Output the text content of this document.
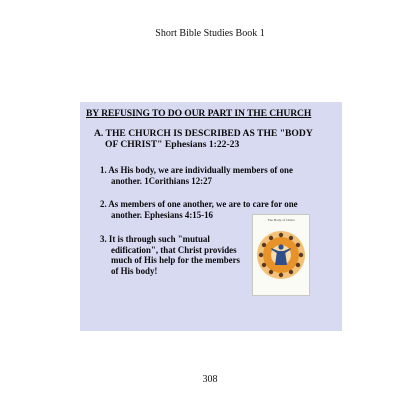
Short Bible Studies Book 1
BY REFUSING TO DO OUR PART IN THE CHURCH
A. THE CHURCH IS DESCRIBED AS THE "BODY
OF CHRIST" Ephesians 1:22-23
1. As His body, we are individually members of one
another. 1Corithians 12:27
2. As members of one another, we are to care for one
another. Ephesians 4:15-16
3. It is through such "mutual
edification", that Christ provides
much of His help for the members
of His body!
The Body of Christ
308
